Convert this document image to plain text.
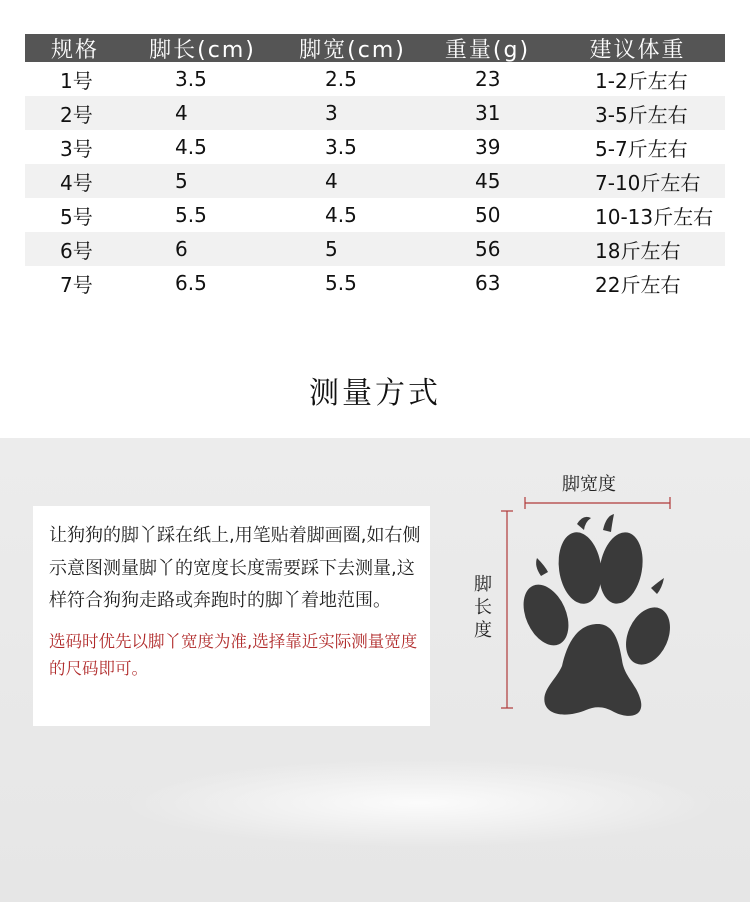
规格	脚长(cm)	脚宽(cm)	重量(g)	建议体重
1号	3.5	2.5	23	1-2斤左右
2号	4	3	31	3-5斤左右
3号	4.5	3.5	39	5-7斤左右
4号	5	4	45	7-10斤左右
5号	5.5	4.5	50	10-13斤左右
6号	6	5	56	18斤左右
7号	6.5	5.5	63	22斤左右
测量方式
让狗狗的脚丫踩在纸上,用笔贴着脚画圈,如右侧示意图测量脚丫的宽度长度需要踩下去测量,这样符合狗狗走路或奔跑时的脚丫着地范围。
选码时优先以脚丫宽度为准,选择靠近实际测量宽度的尺码即可。
脚宽度
脚长度
